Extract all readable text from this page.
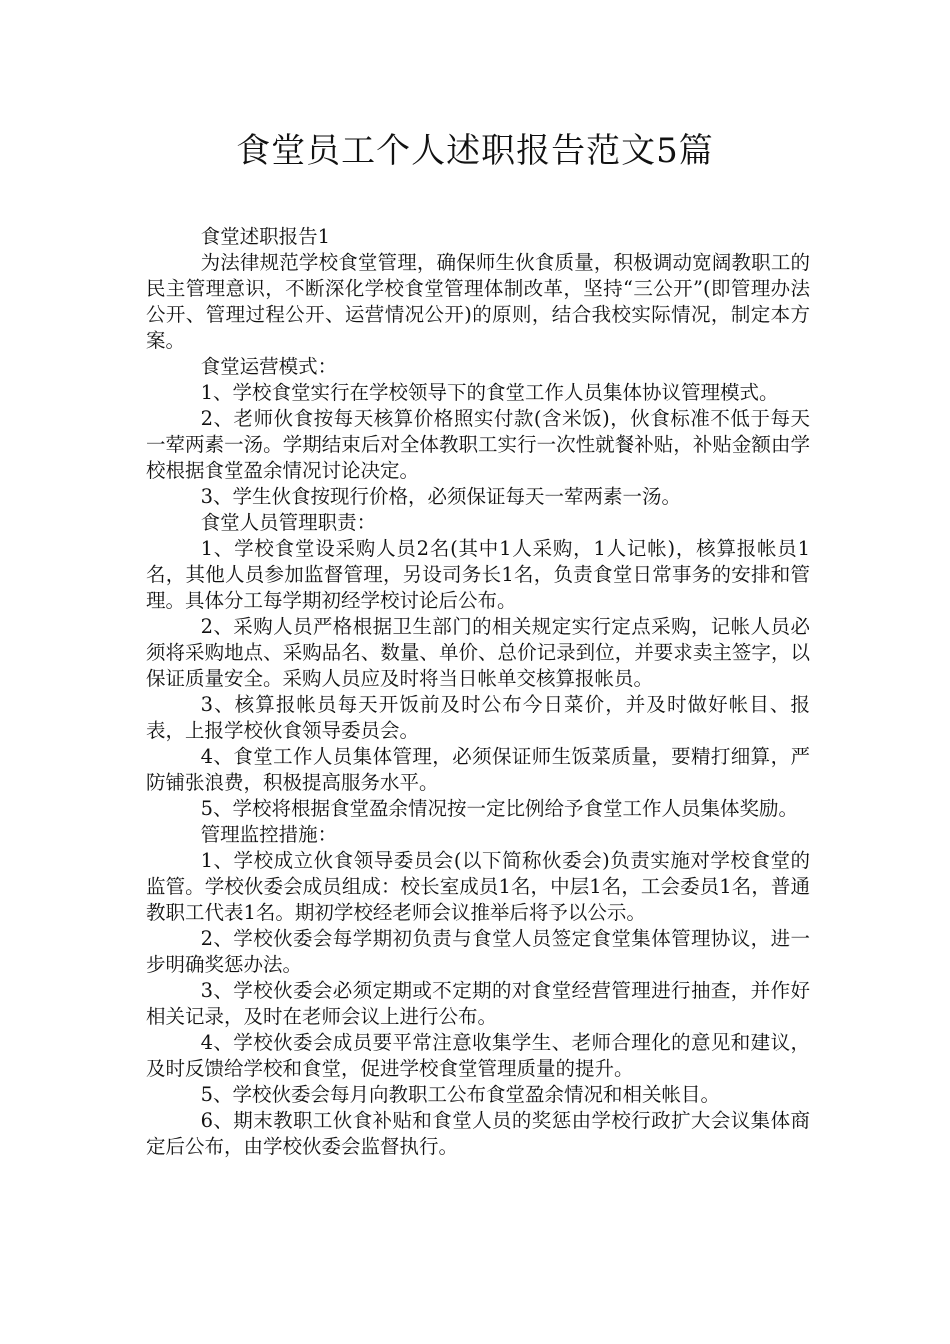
食堂员工个人述职报告范文5篇

食堂述职报告1

为法律规范学校食堂管理，确保师生伙食质量，积极调动宽阔教职工的民主管理意识，不断深化学校食堂管理体制改革，坚持“三公开”(即管理办法公开、管理过程公开、运营情况公开)的原则，结合我校实际情况，制定本方案。

食堂运营模式：

1、学校食堂实行在学校领导下的食堂工作人员集体协议管理模式。

2、老师伙食按每天核算价格照实付款(含米饭)，伙食标准不低于每天一荤两素一汤。学期结束后对全体教职工实行一次性就餐补贴，补贴金额由学校根据食堂盈余情况讨论决定。

3、学生伙食按现行价格，必须保证每天一荤两素一汤。

食堂人员管理职责：

1、学校食堂设采购人员2名(其中1人采购，1人记帐)，核算报帐员1名，其他人员参加监督管理，另设司务长1名，负责食堂日常事务的安排和管理。具体分工每学期初经学校讨论后公布。

2、采购人员严格根据卫生部门的相关规定实行定点采购，记帐人员必须将采购地点、采购品名、数量、单价、总价记录到位，并要求卖主签字，以保证质量安全。采购人员应及时将当日帐单交核算报帐员。

3、核算报帐员每天开饭前及时公布今日菜价，并及时做好帐目、报表，上报学校伙食领导委员会。

4、食堂工作人员集体管理，必须保证师生饭菜质量，要精打细算，严防铺张浪费，积极提高服务水平。

5、学校将根据食堂盈余情况按一定比例给予食堂工作人员集体奖励。

管理监控措施：

1、学校成立伙食领导委员会(以下简称伙委会)负责实施对学校食堂的监管。学校伙委会成员组成：校长室成员1名，中层1名，工会委员1名，普通教职工代表1名。期初学校经老师会议推举后将予以公示。

2、学校伙委会每学期初负责与食堂人员签定食堂集体管理协议，进一步明确奖惩办法。

3、学校伙委会必须定期或不定期的对食堂经营管理进行抽查，并作好相关记录，及时在老师会议上进行公布。

4、学校伙委会成员要平常注意收集学生、老师合理化的意见和建议，及时反馈给学校和食堂，促进学校食堂管理质量的提升。

5、学校伙委会每月向教职工公布食堂盈余情况和相关帐目。

6、期末教职工伙食补贴和食堂人员的奖惩由学校行政扩大会议集体商定后公布，由学校伙委会监督执行。
